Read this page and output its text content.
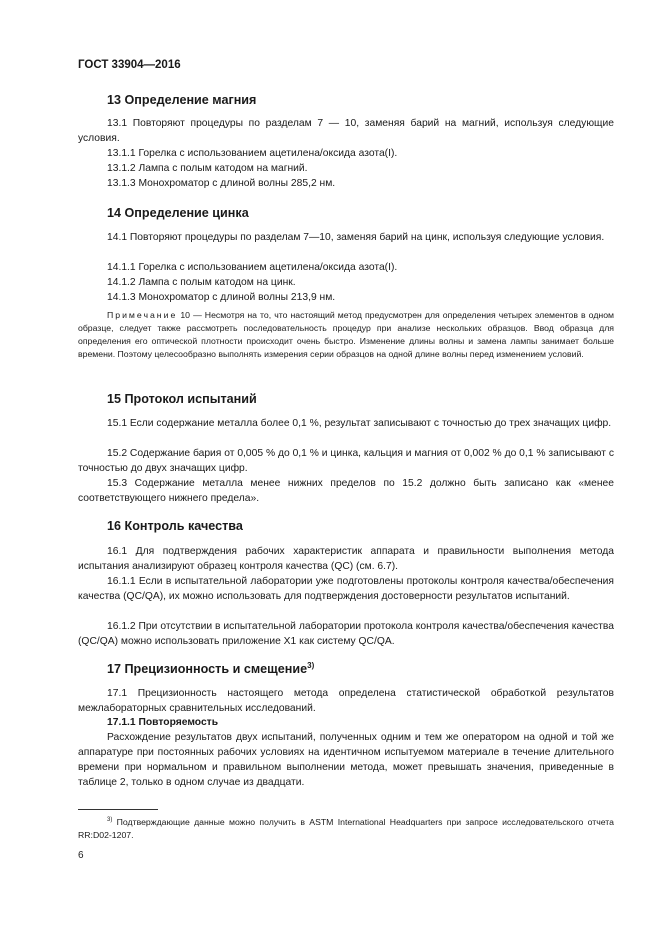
ГОСТ 33904—2016
13 Определение магния
13.1 Повторяют процедуры по разделам 7 — 10, заменяя барий на магний, используя следующие условия.
13.1.1 Горелка с использованием ацетилена/оксида азота(I).
13.1.2 Лампа с полым катодом на магний.
13.1.3 Монохроматор с длиной волны 285,2 нм.
14 Определение цинка
14.1 Повторяют процедуры по разделам 7—10, заменяя барий на цинк, используя следующие условия.
14.1.1 Горелка с использованием ацетилена/оксида азота(I).
14.1.2 Лампа с полым катодом на цинк.
14.1.3 Монохроматор с длиной волны 213,9 нм.
Примечание 10 — Несмотря на то, что настоящий метод предусмотрен для определения четырех элементов в одном образце, следует также рассмотреть последовательность процедур при анализе нескольких образцов. Ввод образца для определения его оптической плотности происходит очень быстро. Изменение длины волны и замена лампы занимает больше времени. Поэтому целесообразно выполнять измерения серии образцов на одной длине волны перед изменением условий.
15 Протокол испытаний
15.1 Если содержание металла более 0,1 %, результат записывают с точностью до трех значащих цифр.
15.2 Содержание бария от 0,005 % до 0,1 % и цинка, кальция и магния от 0,002 % до 0,1 % записывают с точностью до двух значащих цифр.
15.3 Содержание металла менее нижних пределов по 15.2 должно быть записано как «менее соответствующего нижнего предела».
16 Контроль качества
16.1 Для подтверждения рабочих характеристик аппарата и правильности выполнения метода испытания анализируют образец контроля качества (QC) (см. 6.7).
16.1.1 Если в испытательной лаборатории уже подготовлены протоколы контроля качества/обеспечения качества (QC/QA), их можно использовать для подтверждения достоверности результатов испытаний.
16.1.2 При отсутствии в испытательной лаборатории протокола контроля качества/обеспечения качества (QC/QA) можно использовать приложение X1 как систему QC/QA.
17 Прецизионность и смещение$^{3)}$
17.1 Прецизионность настоящего метода определена статистической обработкой результатов межлабораторных сравнительных исследований.
17.1.1 Повторяемость
Расхождение результатов двух испытаний, полученных одним и тем же оператором на одной и той же аппаратуре при постоянных рабочих условиях на идентичном испытуемом материале в течение длительного времени при нормальном и правильном выполнении метода, может превышать значения, приведенные в таблице 2, только в одном случае из двадцати.
$^{3)}$ Подтверждающие данные можно получить в ASTM International Headquarters при запросе исследовательского отчета RR:D02-1207.
6
